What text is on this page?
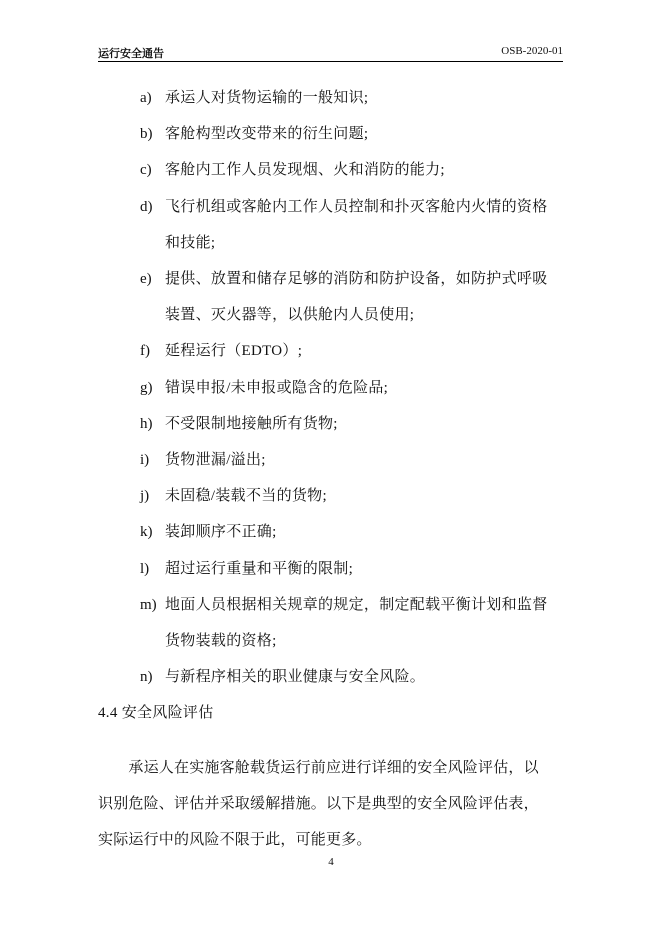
运行安全通告	OSB-2020-01
a) 承运人对货物运输的一般知识;
b) 客舱构型改变带来的衍生问题;
c) 客舱内工作人员发现烟、火和消防的能力;
d) 飞行机组或客舱内工作人员控制和扑灭客舱内火情的资格
和技能;
e) 提供、放置和储存足够的消防和防护设备，如防护式呼吸
装置、灭火器等，以供舱内人员使用;
f) 延程运行（EDTO）;
g) 错误申报/未申报或隐含的危险品;
h) 不受限制地接触所有货物;
i) 货物泄漏/溢出;
j) 未固稳/装载不当的货物;
k) 装卸顺序不正确;
l) 超过运行重量和平衡的限制;
m) 地面人员根据相关规章的规定，制定配载平衡计划和监督
货物装载的资格;
n) 与新程序相关的职业健康与安全风险。
4.4 安全风险评估
　　承运人在实施客舱载货运行前应进行详细的安全风险评估，以
识别危险、评估并采取缓解措施。以下是典型的安全风险评估表，
实际运行中的风险不限于此，可能更多。
4
